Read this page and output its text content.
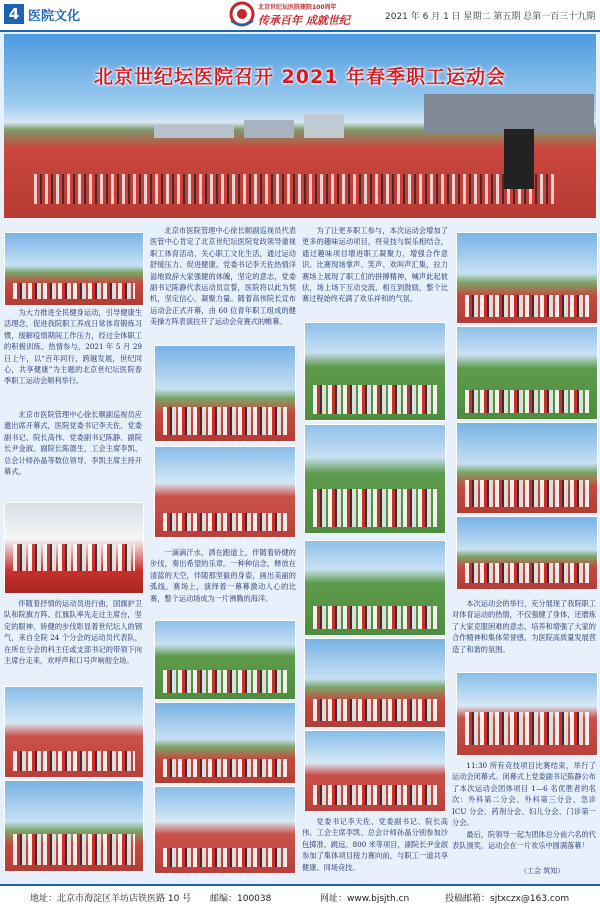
4 医院文化
北京世纪坛医院建院100周年
传承百年 成就世纪	2021 年 6 月 1 日 星期二 第五期 总第一百三十九期
北京世纪坛医院召开 2021 年春季职工运动会

为大力推进全民健身运动，引导健康生活理念，促进我院职工养成日常体育锻炼习惯，缓解疫情期间工作压力，经过全体职工的积极训练、热情参与，2021 年 5 月 29 日上午，以“百年同行，跨越发展，世纪同心，共享健康”为主题的北京世纪坛医院春季职工运动会顺利举行。

北京市医院管理中心徐长顺副巡视员应邀出席开幕式，医院党委书记李天佐、党委副书记、院长高伟、党委副书记陈静、副院长尹金淑、副院长陈德生，工会主席李凯、总会计师孙晶等数位领导，李凯主席主持开幕式。

伴随着抒情的运动员进行曲，国旗护卫队和院旗方阵、红旗队率先走过主席台，坚定的眼神、矫健的步伐彰显着世纪坛人的钢气，来自全院 24 个分会的运动员代表队，在所在分会的科主任或支部书记的带领下向主席台走来，欢呼声和口号声响彻全场。

北京市医院管理中心徐长顺副巡视员代表医管中心肯定了北京世纪坛医院党政领导重视职工体育活动、关心职工文化生活，通过运动舒缓压力、促进健康。党委书记李天佐热情洋溢地致辞大家强健的体魄，坚定的意志，党委副书记陈静代表运动员宣誓，医院将以此为契机，坚定信心，凝聚力量。随着高伟院长宣布运动会正式开幕，由 60 位青年职工组成的健美操方阵表演拉开了运动会竞赛式的帷幕。

一滴滴汗水，洒在跑道上，伴随着矫健的步伐，奏出希望的乐章。一种种信念，释放在清蓝的天空，伴随那坚毅的身姿，画出美丽的弧线。赛场上，演绎着一幕幕激动人心的比赛，整个运动场成为一片沸腾的海洋。

为了让更多职工参与，本次运动会增加了更多的趣味运动项目，将竞技与娱乐相结合，通过趣味项目增进职工凝聚力、增强合作意识。比赛现场掌声、笑声、欢叫声汇集，拉力赛场上展现了职工们的拼搏精神，喊声此起彼伏，场上场下互动交流、相互到鼓励，整个比赛过程始终充满了欢乐祥和的气氛。

党委书记李天佐、党委副书记、院长高伟、工会主席李凯、总会计师孙晶分别参加沙包掷准、跳远、800 米等项目，副院长尹金淑参加了集体项目接力赛向前，与职工一道共享健康、同场竞技。

本次运动会的举行，充分展现了我院职工对体育运动的热情，不仅强健了身体，还磨炼了大家克服困难的意志，培养和增强了大家的合作精神和集体荣誉感，为医院高质量发展营造了和谐的氛围。

11:30 所有竞技项目比赛结束，举行了运动会闭幕式。闭幕式上党委副书记陈静公布了本次运动会团体项目 1—6 名优胜者的名次：外科第二分会、外科第三分会、急诊 ICU 分会、药剂分会、妇儿分会、门诊第一分会。

最后，院领导一起为团体总分前六名的代表队颁奖，运动会在一片欢乐中圆满落幕！

（工会 筑知）
地址：北京市海淀区羊坊店铁医路 10 号 邮编：100038	网址：www.bjsjth.cn	投稿邮箱：sjtxczx@163.com
